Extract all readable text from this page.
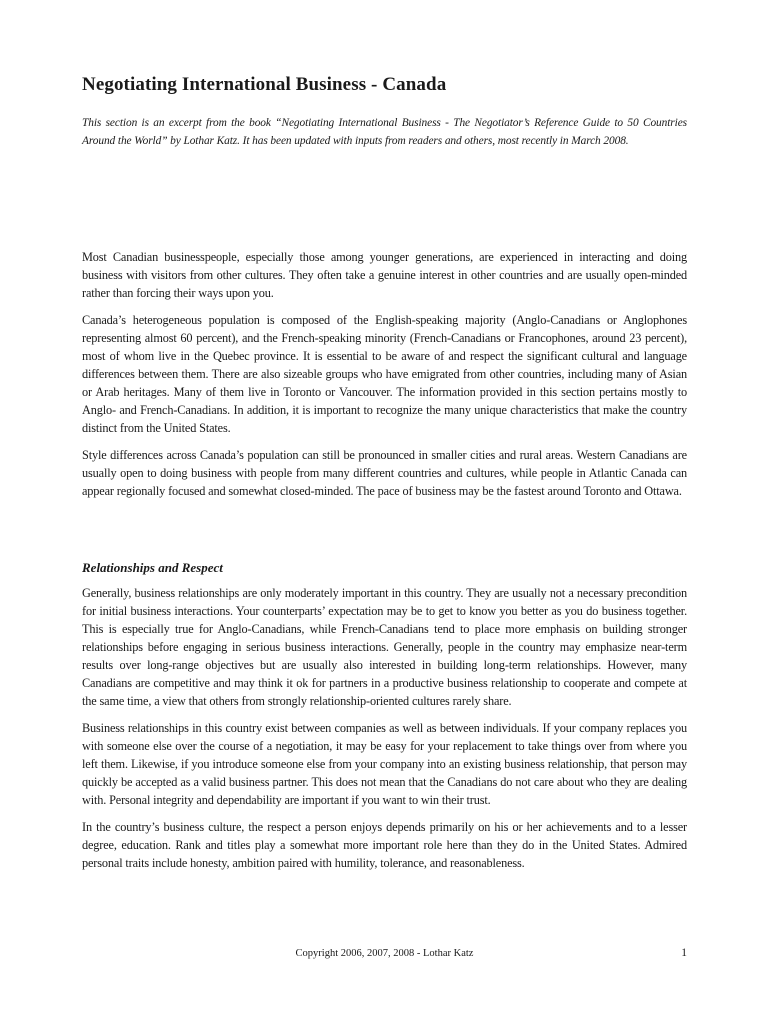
Negotiating International Business - Canada

This section is an excerpt from the book “Negotiating International Business - The Negotiator’s Reference Guide to 50 Countries Around the World” by Lothar Katz. It has been updated with inputs from readers and others, most recently in March 2008.

Most Canadian businesspeople, especially those among younger generations, are experienced in interacting and doing business with visitors from other cultures. They often take a genuine interest in other countries and are usually open-minded rather than forcing their ways upon you.

Canada’s heterogeneous population is composed of the English-speaking majority (Anglo-Canadians or Anglophones representing almost 60 percent), and the French-speaking minority (French-Canadians or Francophones, around 23 percent), most of whom live in the Quebec province. It is essential to be aware of and respect the significant cultural and language differences between them. There are also sizeable groups who have emigrated from other countries, including many of Asian or Arab heritages. Many of them live in Toronto or Vancouver. The information provided in this section pertains mostly to Anglo- and French-Canadians. In addition, it is important to recognize the many unique characteristics that make the country distinct from the United States.

Style differences across Canada’s population can still be pronounced in smaller cities and rural areas. Western Canadians are usually open to doing business with people from many different countries and cultures, while people in Atlantic Canada can appear regionally focused and somewhat closed-minded. The pace of business may be the fastest around Toronto and Ottawa.

Relationships and Respect

Generally, business relationships are only moderately important in this country. They are usually not a necessary precondition for initial business interactions. Your counterparts’ expectation may be to get to know you better as you do business together. This is especially true for Anglo-Canadians, while French-Canadians tend to place more emphasis on building stronger relationships before engaging in serious business interactions. Generally, people in the country may emphasize near-term results over long-range objectives but are usually also interested in building long-term relationships. However, many Canadians are competitive and may think it ok for partners in a productive business relationship to cooperate and compete at the same time, a view that others from strongly relationship-oriented cultures rarely share.

Business relationships in this country exist between companies as well as between individuals. If your company replaces you with someone else over the course of a negotiation, it may be easy for your replacement to take things over from where you left them. Likewise, if you introduce someone else from your company into an existing business relationship, that person may quickly be accepted as a valid business partner. This does not mean that the Canadians do not care about who they are dealing with. Personal integrity and dependability are important if you want to win their trust.

In the country’s business culture, the respect a person enjoys depends primarily on his or her achievements and to a lesser degree, education. Rank and titles play a somewhat more important role here than they do in the United States. Admired personal traits include honesty, ambition paired with humility, tolerance, and reasonableness.

Copyright 2006, 2007, 2008 - Lothar Katz	1
